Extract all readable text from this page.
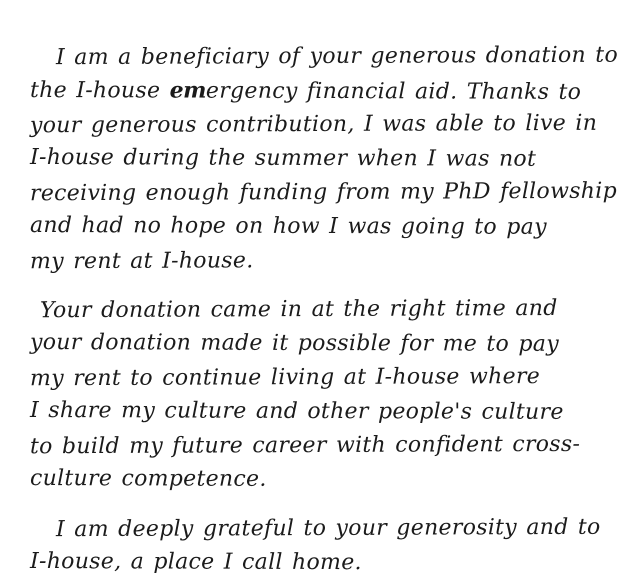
I am a beneficiary of your generous donation to
the I-house emergency financial aid. Thanks to
your generous contribution, I was able to live in
I-house during the summer when I was not
receiving enough funding from my PhD fellowship
and had no hope on how I was going to pay
my rent at I-house.
Your donation came in at the right time and
your donation made it possible for me to pay
my rent to continue living at I-house where
I share my culture and other people's culture
to build my future career with confident cross-
culture competence.
I am deeply grateful to your generosity and to
I-house, a place I call home.
